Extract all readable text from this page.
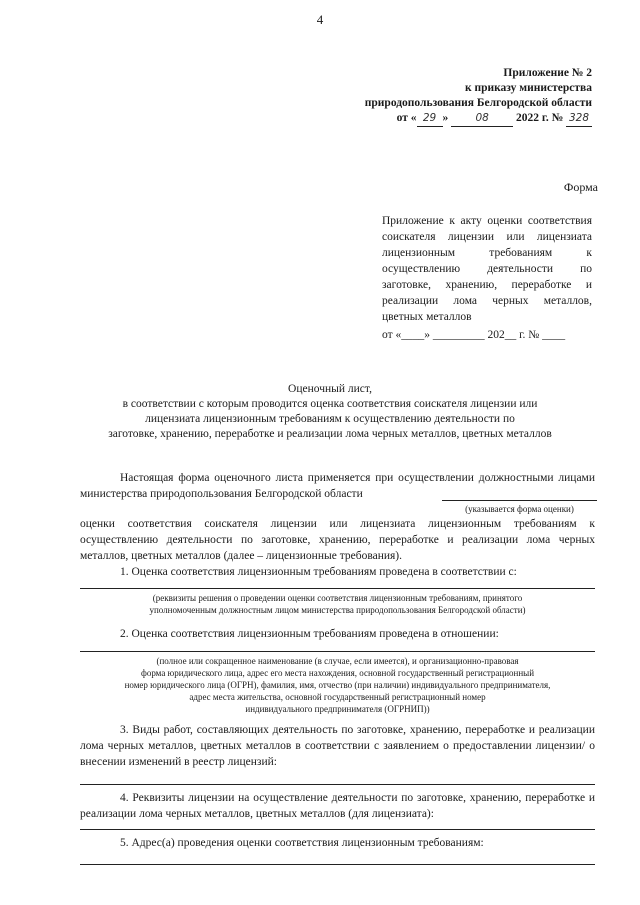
4
Приложение № 2
к приказу министерства
природопользования Белгородской области
от « 29 »	08 2022 г. № 328
Форма
Приложение к акту оценки соответствия соискателя лицензии или лицензиата лицензионным требованиям к осуществлению деятельности по заготовке, хранению, переработке и реализации лома черных металлов, цветных металлов
от «____» _________ 202__ г. № ____
Оценочный лист,
в соответствии с которым проводится оценка соответствия соискателя лицензии или
лицензиата лицензионным требованиям к осуществлению деятельности по
заготовке, хранению, переработке и реализации лома черных металлов, цветных металлов
Настоящая форма оценочного листа применяется при осуществлении должностными лицами министерства природопользования Белгородской области
(указывается форма оценки)
оценки соответствия соискателя лицензии или лицензиата лицензионным требованиям к осуществлению деятельности по заготовке, хранению, переработке и реализации лома черных металлов, цветных металлов (далее – лицензионные требования).
1. Оценка соответствия лицензионным требованиям проведена в соответствии с:
(реквизиты решения о проведении оценки соответствия лицензионным требованиям, принятого
уполномоченным должностным лицом министерства природопользования Белгородской области)
2. Оценка соответствия лицензионным требованиям проведена в отношении:
(полное или сокращенное наименование (в случае, если имеется), и организационно-правовая
форма юридического лица, адрес его места нахождения, основной государственный регистрационный
номер юридического лица (ОГРН), фамилия, имя, отчество (при наличии) индивидуального предпринимателя,
адрес места жительства, основной государственный регистрационный номер
индивидуального предпринимателя (ОГРНИП))
3. Виды работ, составляющих деятельность по заготовке, хранению, переработке и реализации лома черных металлов, цветных металлов в соответствии с заявлением о предоставлении лицензии/ о внесении изменений в реестр лицензий:
4. Реквизиты лицензии на осуществление деятельности по заготовке, хранению, переработке и реализации лома черных металлов, цветных металлов (для лицензиата):
5. Адрес(а) проведения оценки соответствия лицензионным требованиям:
